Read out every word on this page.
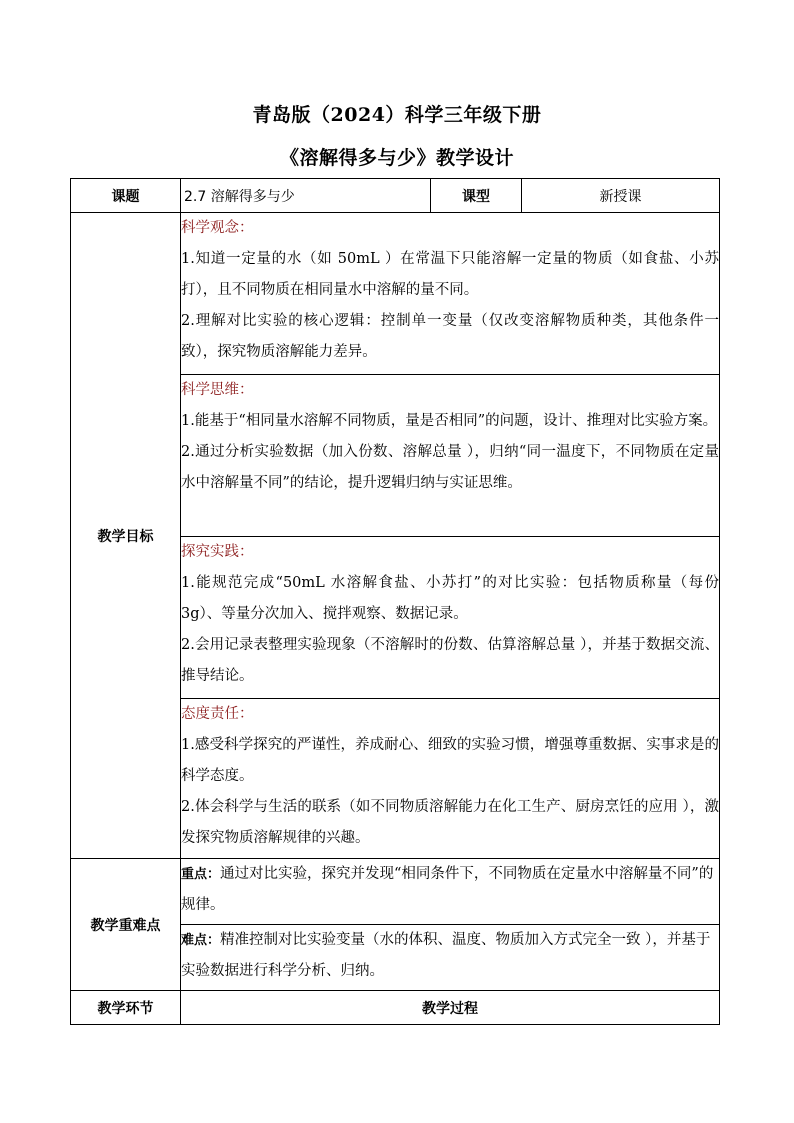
青岛版（2024）科学三年级下册
《溶解得多与少》教学设计
课题	2.7 溶解得多与少	课型	新授课
教学目标	科学观念：

1.知道一定量的水（如 50mL ）在常温下只能溶解一定量的物质（如食盐、小苏打），且不同物质在相同量水中溶解的量不同。

2.理解对比实验的核心逻辑：控制单一变量（仅改变溶解物质种类，其他条件一致），探究物质溶解能力差异。		

	科学思维：

1.能基于“相同量水溶解不同物质，量是否相同”的问题，设计、推理对比实验方案。

2.通过分析实验数据（加入份数、溶解总量 ），归纳“同一温度下，不同物质在定量水中溶解量不同”的结论，提升逻辑归纳与实证思维。		

	探究实践：

1.能规范完成“50mL 水溶解食盐、小苏打”的对比实验：包括物质称量（每份 3g）、等量分次加入、搅拌观察、数据记录。

2.会用记录表整理实验现象（不溶解时的份数、估算溶解总量 ），并基于数据交流、推导结论。		

	态度责任：

1.感受科学探究的严谨性，养成耐心、细致的实验习惯，增强尊重数据、实事求是的科学态度。

2.体会科学与生活的联系（如不同物质溶解能力在化工生产、厨房烹饪的应用 ），激发探究物质溶解规律的兴趣。		

教学重难点	重点：通过对比实验，探究并发现“相同条件下，不同物质在定量水中溶解量不同”的规律。		
	难点：精准控制对比实验变量（水的体积、温度、物质加入方式完全一致 ），并基于实验数据进行科学分析、归纳。		
教学环节	教学过程		
